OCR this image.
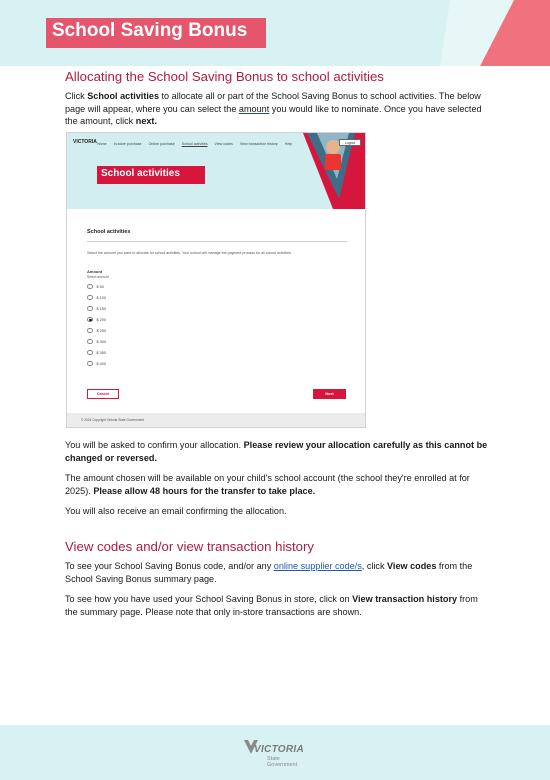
School Saving Bonus
Allocating the School Saving Bonus to school activities

Click School activities to allocate all or part of the School Saving Bonus to school activities. The below page will appear, where you can select the amount you would like to nominate. Once you have selected the amount, click next.

VICTORIA Home In-store purchase Online purchase School activities View codes View transaction history Help	Logout
School activities
School activities
Select the amount you want to allocate for school activities. Your school will manage the payment process for all school activities.
Amount
Select amount
$ 50
$ 100
$ 150
$ 200
$ 250
$ 300
$ 350
$ 400
Cancel	Next
© 2024 Copyright Victoria State Government

You will be asked to confirm your allocation. Please review your allocation carefully as this cannot be changed or reversed.

The amount chosen will be available on your child's school account (the school they're enrolled at for 2025). Please allow 48 hours for the transfer to take place.

You will also receive an email confirming the allocation.

View codes and/or view transaction history

To see your School Saving Bonus code, and/or any online supplier code/s, click View codes from the School Saving Bonus summary page.

To see how you have used your School Saving Bonus in store, click on View transaction history from the summary page. Please note that only in-store transactions are shown.

VICTORIA
State
Government
